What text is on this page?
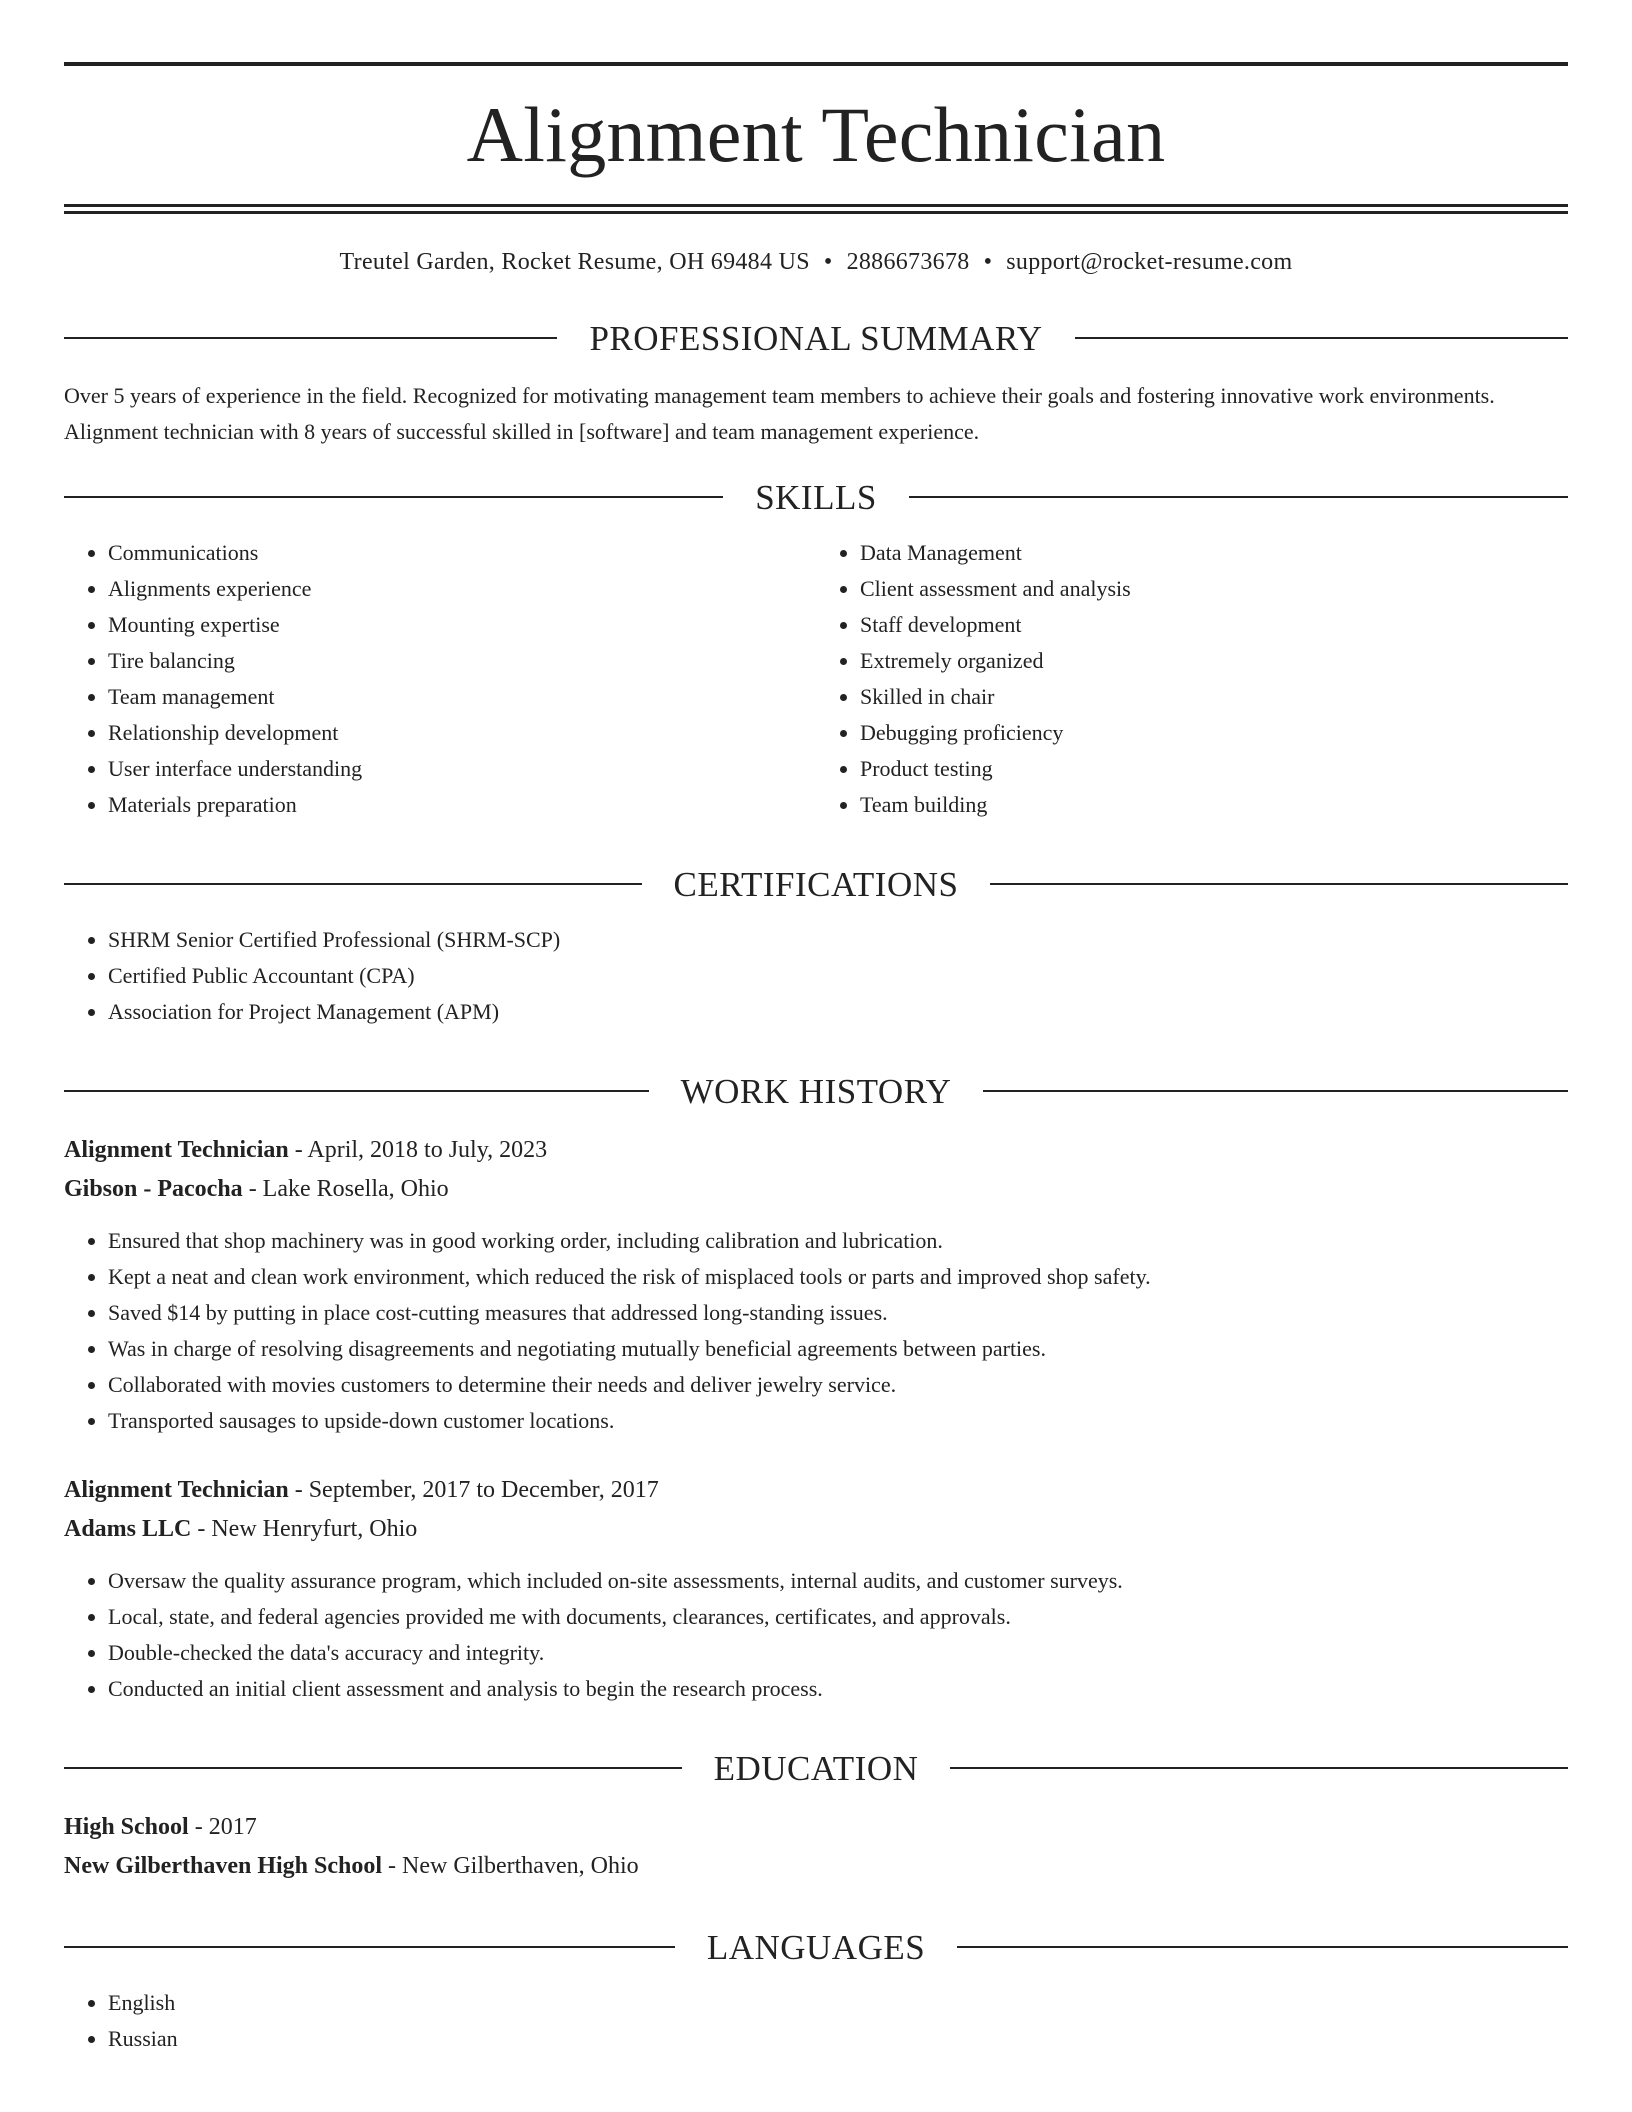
Alignment Technician
Treutel Garden, Rocket Resume, OH 69484 US • 2886673678 • support@rocket-resume.com
PROFESSIONAL SUMMARY
Over 5 years of experience in the field. Recognized for motivating management team members to achieve their goals and fostering innovative work environments. Alignment technician with 8 years of successful skilled in [software] and team management experience.
SKILLS
• Communications
• Alignments experience
• Mounting expertise
• Tire balancing
• Team management
• Relationship development
• User interface understanding
• Materials preparation
• Data Management
• Client assessment and analysis
• Staff development
• Extremely organized
• Skilled in chair
• Debugging proficiency
• Product testing
• Team building
CERTIFICATIONS
• SHRM Senior Certified Professional (SHRM-SCP)
• Certified Public Accountant (CPA)
• Association for Project Management (APM)
WORK HISTORY
Alignment Technician - April, 2018 to July, 2023
Gibson - Pacocha - Lake Rosella, Ohio
• Ensured that shop machinery was in good working order, including calibration and lubrication.
• Kept a neat and clean work environment, which reduced the risk of misplaced tools or parts and improved shop safety.
• Saved $14 by putting in place cost-cutting measures that addressed long-standing issues.
• Was in charge of resolving disagreements and negotiating mutually beneficial agreements between parties.
• Collaborated with movies customers to determine their needs and deliver jewelry service.
• Transported sausages to upside-down customer locations.
Alignment Technician - September, 2017 to December, 2017
Adams LLC - New Henryfurt, Ohio
• Oversaw the quality assurance program, which included on-site assessments, internal audits, and customer surveys.
• Local, state, and federal agencies provided me with documents, clearances, certificates, and approvals.
• Double-checked the data's accuracy and integrity.
• Conducted an initial client assessment and analysis to begin the research process.
EDUCATION
High School - 2017
New Gilberthaven High School - New Gilberthaven, Ohio
LANGUAGES
• English
• Russian
